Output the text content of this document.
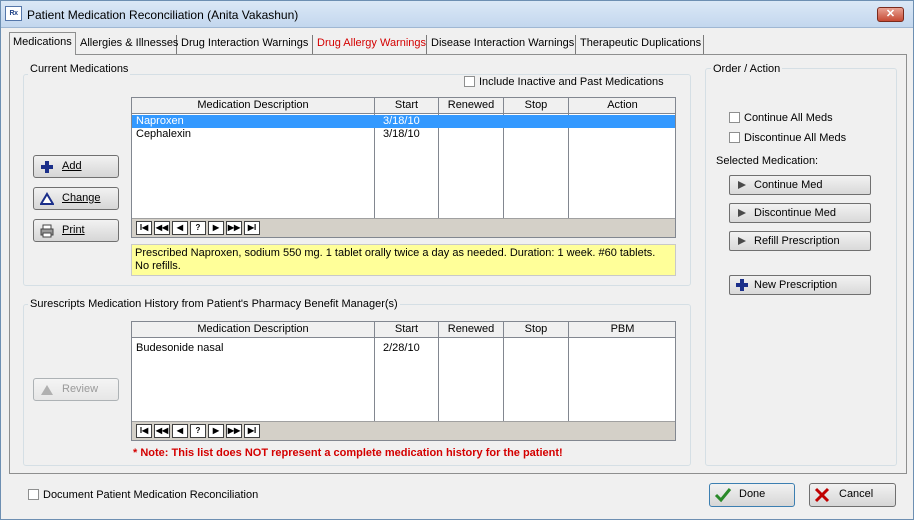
Rx Patient Medication Reconciliation (Anita Vakashun)	✕
Medications Allergies & Illnesses Drug Interaction Warnings Drug Allergy Warnings Disease Interaction Warnings Therapeutic Duplications
Current Medications
Include Inactive and Past Medications
Add
Change
Print
Medication Description	Start	Renewed	Stop	Action
Naproxen	3/18/10
Cephalexin	3/18/10
I◀ ◀◀	◀	?	▶	▶▶ ▶I
Prescribed Naproxen, sodium 550 mg. 1 tablet orally twice a day as needed. Duration: 1 week. #60 tablets. No refills.
Surescripts Medication History from Patient's Pharmacy Benefit Manager(s)
Review
Medication Description	Start	Renewed	Stop	PBM
Budesonide nasal	2/28/10
I◀ ◀◀	◀	?	▶	▶▶ ▶I
* Note: This list does NOT represent a complete medication history for the patient!
Order / Action
Continue All Meds
Discontinue All Meds
Selected Medication:
Continue Med
Discontinue Med
Refill Prescription
New Prescription
Document Patient Medication Reconciliation	Done	Cancel
